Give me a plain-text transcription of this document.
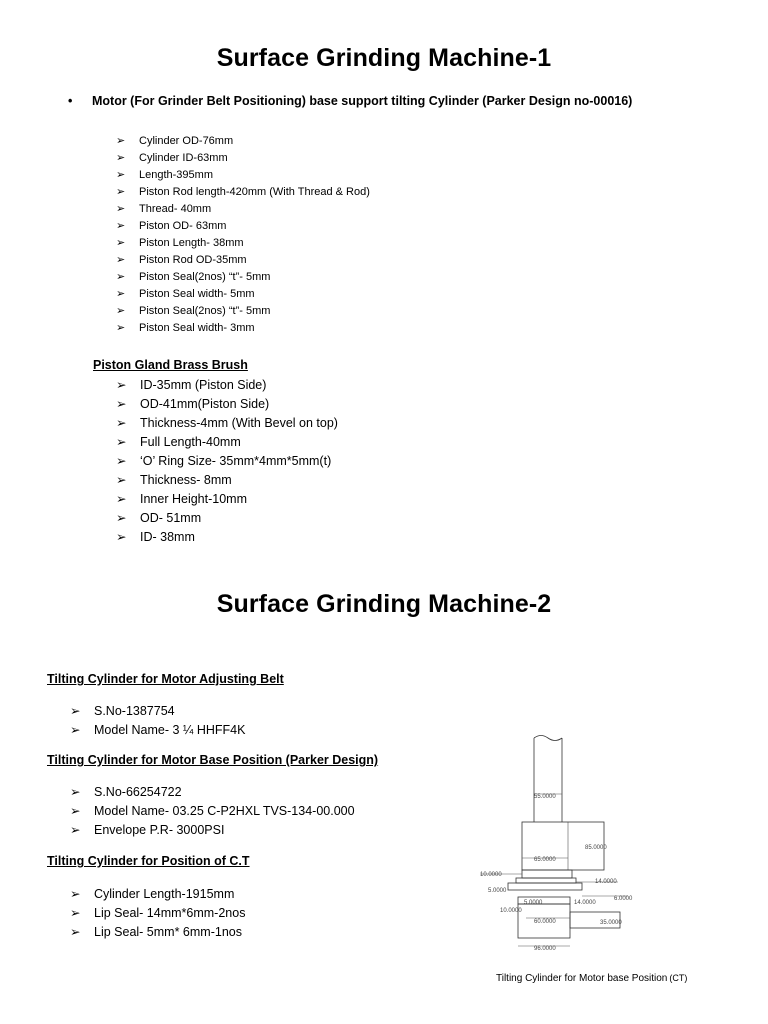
Surface Grinding Machine-1
• Motor (For Grinder Belt Positioning) base support tilting Cylinder (Parker Design no-00016)
➢ Cylinder OD-76mm
➢ Cylinder ID-63mm
➢ Length-395mm
➢ Piston Rod length-420mm (With Thread & Rod)
➢ Thread- 40mm
➢ Piston OD- 63mm
➢ Piston Length- 38mm
➢ Piston Rod OD-35mm
➢ Piston Seal(2nos) “t”- 5mm
➢ Piston Seal width- 5mm
➢ Piston Seal(2nos) “t”- 5mm
➢ Piston Seal width- 3mm
Piston Gland Brass Brush
➢ ID-35mm (Piston Side)
➢ OD-41mm(Piston Side)
➢ Thickness-4mm (With Bevel on top)
➢ Full Length-40mm
➢ ‘O’ Ring Size- 35mm*4mm*5mm(t)
➢ Thickness- 8mm
➢ Inner Height-10mm
➢ OD- 51mm
➢ ID- 38mm
Surface Grinding Machine-2
Tilting Cylinder for Motor Adjusting Belt
➢ S.No-1387754
➢ Model Name- 3 ¼ HHFF4K
Tilting Cylinder for Motor Base Position (Parker Design)
➢ S.No-66254722
➢ Model Name- 03.25 C-P2HXL TVS-134-00.000
➢ Envelope P.R- 3000PSI
Tilting Cylinder for Position of C.T
➢ Cylinder Length-1915mm
➢ Lip Seal- 14mm*6mm-2nos
➢ Lip Seal- 5mm* 6mm-1nos
55.0000
85.0000
65.0000
10.0000
14.0000
5.0000
6.0000
5.0000	14.0000
10.0000
60.0000	35.0000
96.0000
Tilting Cylinder for Motor base Position (CT)
